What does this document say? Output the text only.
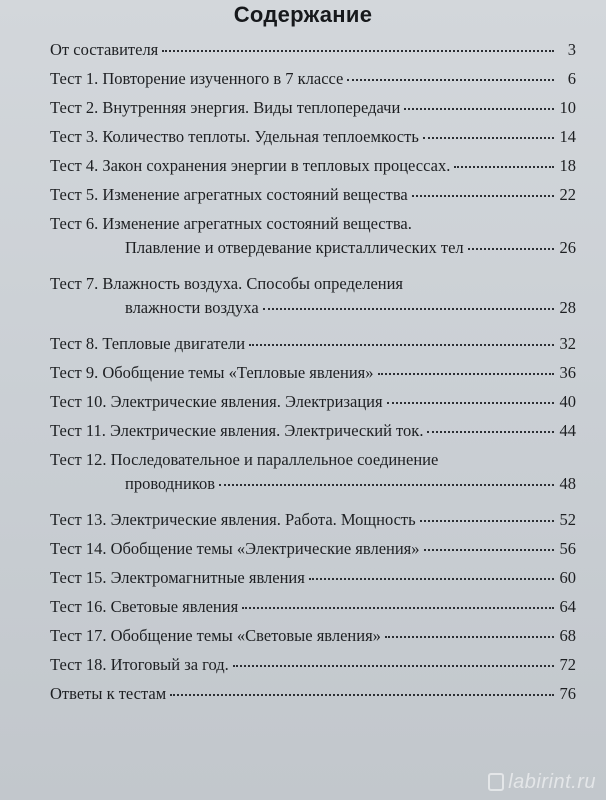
Содержание
От составителя	3
Тест 1. Повторение изученного в 7 классе	6
Тест 2. Внутренняя энергия. Виды теплопередачи	10
Тест 3. Количество теплоты. Удельная теплоемкость	14
Тест 4. Закон сохранения энергии в тепловых процессах.	18
Тест 5. Изменение агрегатных состояний вещества	22
Тест 6. Изменение агрегатных состояний вещества.
Плавление и отвердевание кристаллических тел	26
Тест 7. Влажность воздуха. Способы определения
влажности воздуха	28
Тест 8. Тепловые двигатели	32
Тест 9. Обобщение темы «Тепловые явления»	36
Тест 10. Электрические явления. Электризация	40
Тест 11. Электрические явления. Электрический ток.	44
Тест 12. Последовательное и параллельное соединение
проводников	48
Тест 13. Электрические явления. Работа. Мощность	52
Тест 14. Обобщение темы «Электрические явления»	56
Тест 15. Электромагнитные явления	60
Тест 16. Световые явления	64
Тест 17. Обобщение темы «Световые явления»	68
Тест 18. Итоговый за год.	72
Ответы к тестам	76
labirint.ru
